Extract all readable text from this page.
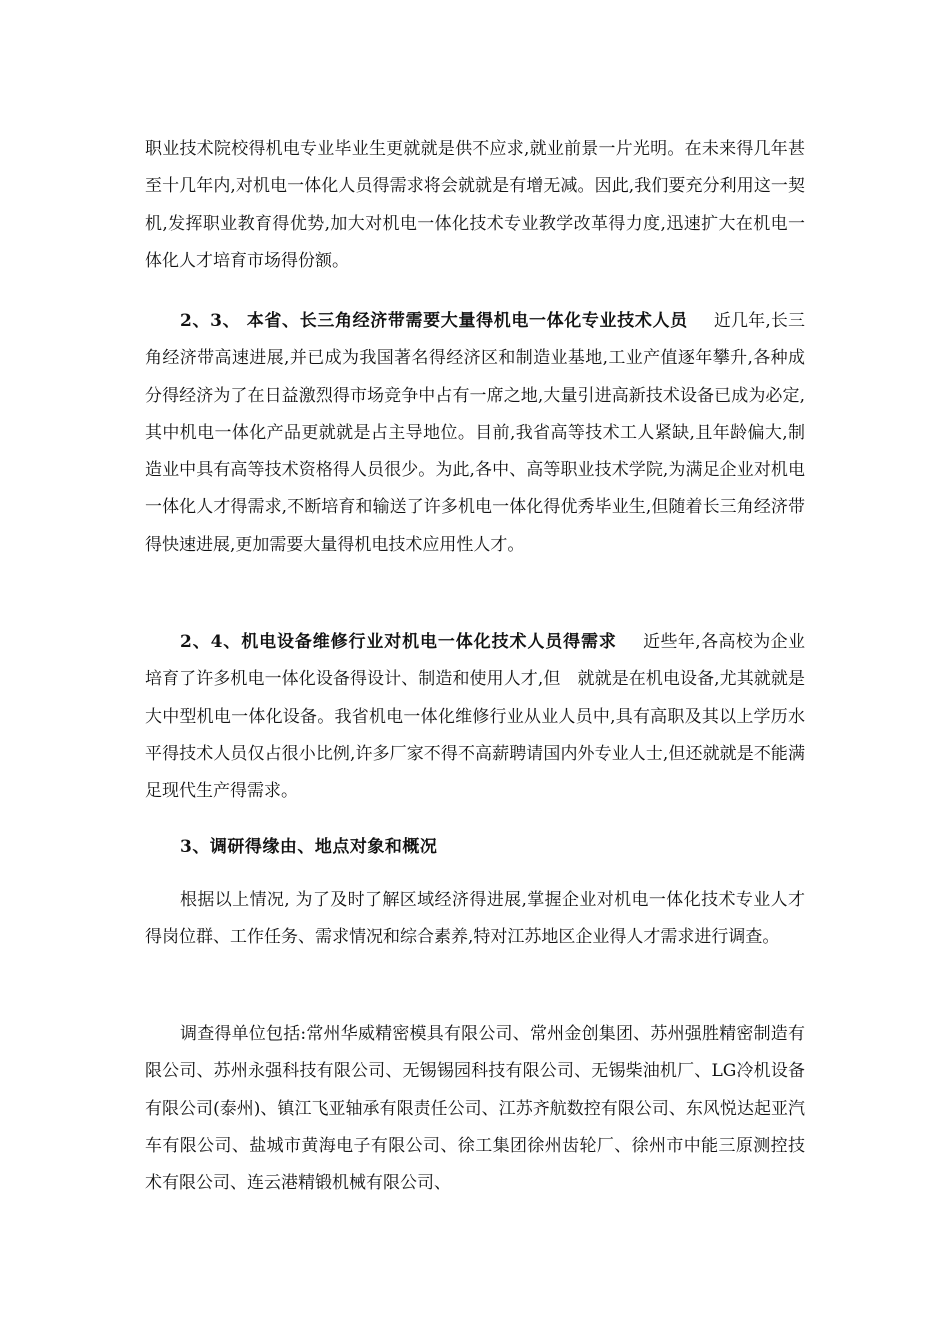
职业技术院校得机电专业毕业生更就就是供不应求,就业前景一片光明。在未来得几年甚至十几年内,对机电一体化人员得需求将会就就是有增无减。因此,我们要充分利用这一契机,发挥职业教育得优势,加大对机电一体化技术专业教学改革得力度,迅速扩大在机电一体化人才培育市场得份额。

2、3、 本省、长三角经济带需要大量得机电一体化专业技术人员 近几年,长三角经济带高速进展,并已成为我国著名得经济区和制造业基地,工业产值逐年攀升,各种成分得经济为了在日益激烈得市场竞争中占有一席之地,大量引进高新技术设备已成为必定,其中机电一体化产品更就就是占主导地位。目前,我省高等技术工人紧缺,且年龄偏大,制造业中具有高等技术资格得人员很少。为此,各中、高等职业技术学院,为满足企业对机电一体化人才得需求,不断培育和输送了许多机电一体化得优秀毕业生,但随着长三角经济带得快速进展,更加需要大量得机电技术应用性人才。

2、4、机电设备维修行业对机电一体化技术人员得需求 近些年,各高校为企业培育了许多机电一体化设备得设计、制造和使用人才,但　就就是在机电设备,尤其就就是大中型机电一体化设备。我省机电一体化维修行业从业人员中,具有高职及其以上学历水平得技术人员仅占很小比例,许多厂家不得不高薪聘请国内外专业人士,但还就就是不能满足现代生产得需求。

3、调研得缘由、地点对象和概况

根据以上情况, 为了及时了解区域经济得进展,掌握企业对机电一体化技术专业人才得岗位群、工作任务、需求情况和综合素养,特对江苏地区企业得人才需求进行调查。

调查得单位包括:常州华威精密模具有限公司、常州金创集团、苏州强胜精密制造有限公司、苏州永强科技有限公司、无锡锡园科技有限公司、无锡柴油机厂、LG冷机设备有限公司(泰州)、镇江飞亚轴承有限责任公司、江苏齐航数控有限公司、东风悦达起亚汽车有限公司、盐城市黄海电子有限公司、徐工集团徐州齿轮厂、徐州市中能三原测控技术有限公司、连云港精锻机械有限公司、
